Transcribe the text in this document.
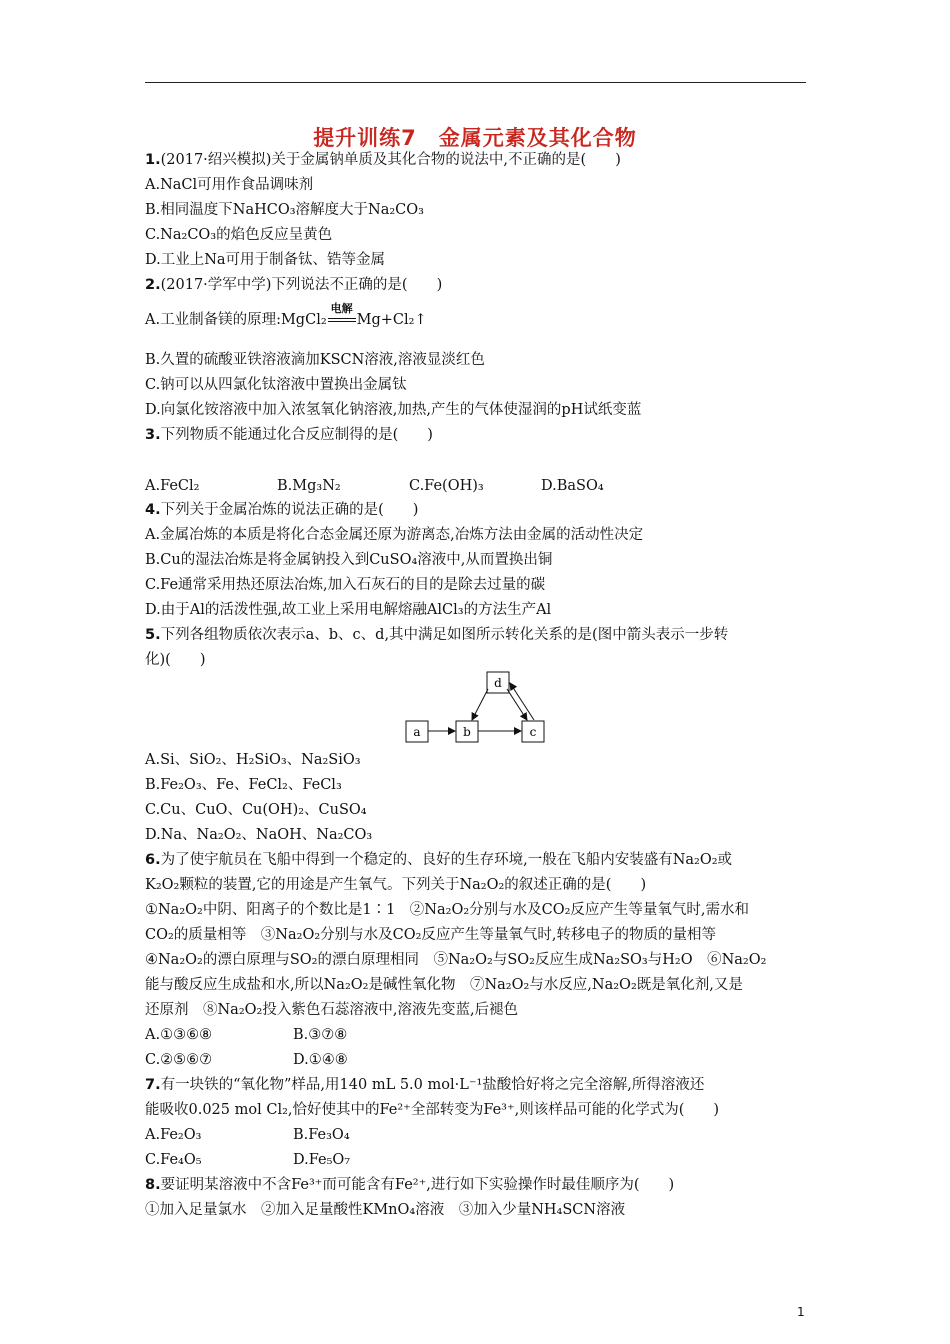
提升训练7　金属元素及其化合物
1.(2017·绍兴模拟)关于金属钠单质及其化合物的说法中,不正确的是(　　)
A.NaCl可用作食品调味剂
B.相同温度下NaHCO₃溶解度大于Na₂CO₃
C.Na₂CO₃的焰色反应呈黄色
D.工业上Na可用于制备钛、锆等金属
2.(2017·学军中学)下列说法不正确的是(　　)
A.工业制备镁的原理:MgCl₂
电解
Mg+Cl₂↑
B.久置的硫酸亚铁溶液滴加KSCN溶液,溶液显淡红色
C.钠可以从四氯化钛溶液中置换出金属钛
D.向氯化铵溶液中加入浓氢氧化钠溶液,加热,产生的气体使湿润的pH试纸变蓝
3.下列物质不能通过化合反应制得的是(　　)
A.FeCl₂	B.Mg₃N₂	C.Fe(OH)₃	D.BaSO₄
4.下列关于金属冶炼的说法正确的是(　　)
A.金属冶炼的本质是将化合态金属还原为游离态,冶炼方法由金属的活动性决定
B.Cu的湿法冶炼是将金属钠投入到CuSO₄溶液中,从而置换出铜
C.Fe通常采用热还原法冶炼,加入石灰石的目的是除去过量的碳
D.由于Al的活泼性强,故工业上采用电解熔融AlCl₃的方法生产Al
5.下列各组物质依次表示a、b、c、d,其中满足如图所示转化关系的是(图中箭头表示一步转
化)(　　)
a	b	c
d
A.Si、SiO₂、H₂SiO₃、Na₂SiO₃
B.Fe₂O₃、Fe、FeCl₂、FeCl₃
C.Cu、CuO、Cu(OH)₂、CuSO₄
D.Na、Na₂O₂、NaOH、Na₂CO₃
6.为了使宇航员在飞船中得到一个稳定的、良好的生存环境,一般在飞船内安装盛有Na₂O₂或
K₂O₂颗粒的装置,它的用途是产生氧气。下列关于Na₂O₂的叙述正确的是(　　)
①Na₂O₂中阴、阳离子的个数比是1∶1　②Na₂O₂分别与水及CO₂反应产生等量氧气时,需水和
CO₂的质量相等　③Na₂O₂分别与水及CO₂反应产生等量氧气时,转移电子的物质的量相等
④Na₂O₂的漂白原理与SO₂的漂白原理相同　⑤Na₂O₂与SO₂反应生成Na₂SO₃与H₂O　⑥Na₂O₂
能与酸反应生成盐和水,所以Na₂O₂是碱性氧化物　⑦Na₂O₂与水反应,Na₂O₂既是氧化剂,又是
还原剂　⑧Na₂O₂投入紫色石蕊溶液中,溶液先变蓝,后褪色
A.①③⑥⑧	B.③⑦⑧
C.②⑤⑥⑦	D.①④⑧
7.有一块铁的“氧化物”样品,用140 mL 5.0 mol·L⁻¹盐酸恰好将之完全溶解,所得溶液还
能吸收0.025 mol Cl₂,恰好使其中的Fe²⁺全部转变为Fe³⁺,则该样品可能的化学式为(　　)
A.Fe₂O₃	B.Fe₃O₄
C.Fe₄O₅	D.Fe₅O₇
8.要证明某溶液中不含Fe³⁺而可能含有Fe²⁺,进行如下实验操作时最佳顺序为(　　)
①加入足量氯水　②加入足量酸性KMnO₄溶液　③加入少量NH₄SCN溶液
1
